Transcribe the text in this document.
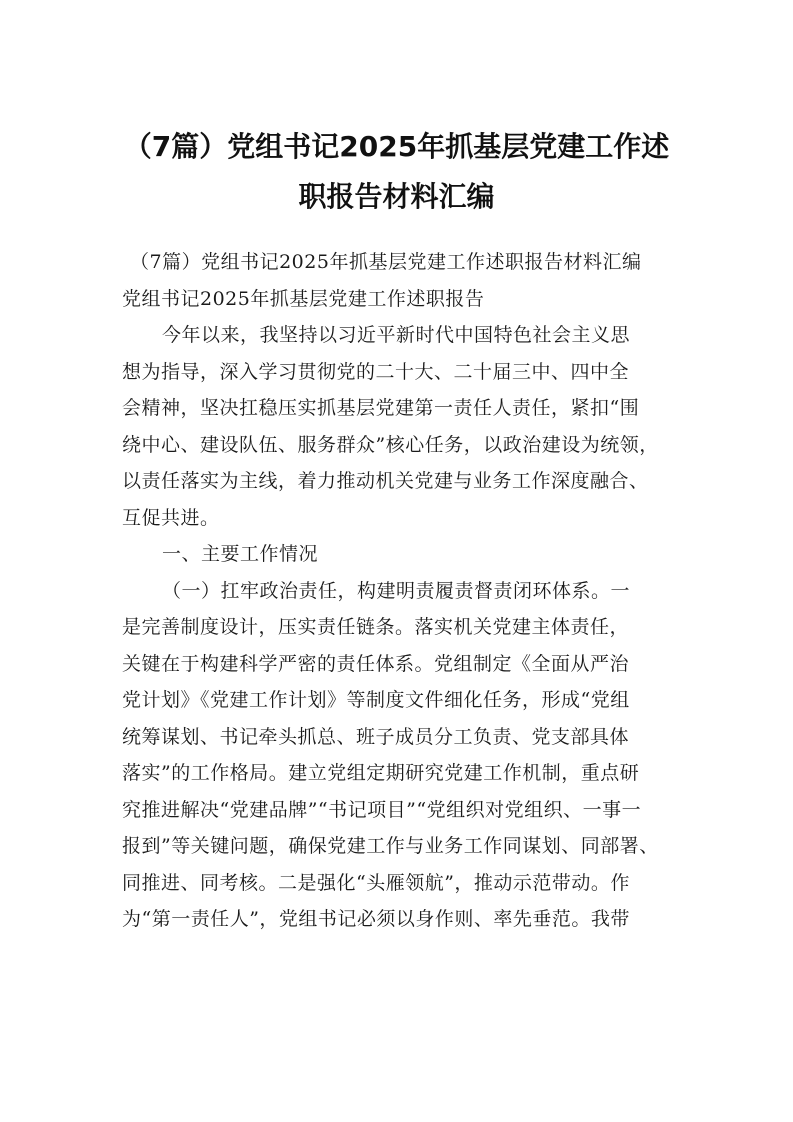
（7篇）党组书记2025年抓基层党建工作述
职报告材料汇编
（7篇）党组书记2025年抓基层党建工作述职报告材料汇编
党组书记2025年抓基层党建工作述职报告
今年以来，我坚持以习近平新时代中国特色社会主义思
想为指导，深入学习贯彻党的二十大、二十届三中、四中全
会精神，坚决扛稳压实抓基层党建第一责任人责任，紧扣“围
绕中心、建设队伍、服务群众”核心任务，以政治建设为统领，
以责任落实为主线，着力推动机关党建与业务工作深度融合、
互促共进。
一、主要工作情况
（一）扛牢政治责任，构建明责履责督责闭环体系。一
是完善制度设计，压实责任链条。落实机关党建主体责任，
关键在于构建科学严密的责任体系。党组制定《全面从严治
党计划》《党建工作计划》等制度文件细化任务，形成“党组
统筹谋划、书记牵头抓总、班子成员分工负责、党支部具体
落实”的工作格局。建立党组定期研究党建工作机制，重点研
究推进解决“党建品牌”“书记项目”“党组织对党组织、一事一
报到”等关键问题，确保党建工作与业务工作同谋划、同部署、
同推进、同考核。二是强化“头雁领航”，推动示范带动。作
为“第一责任人”，党组书记必须以身作则、率先垂范。我带
